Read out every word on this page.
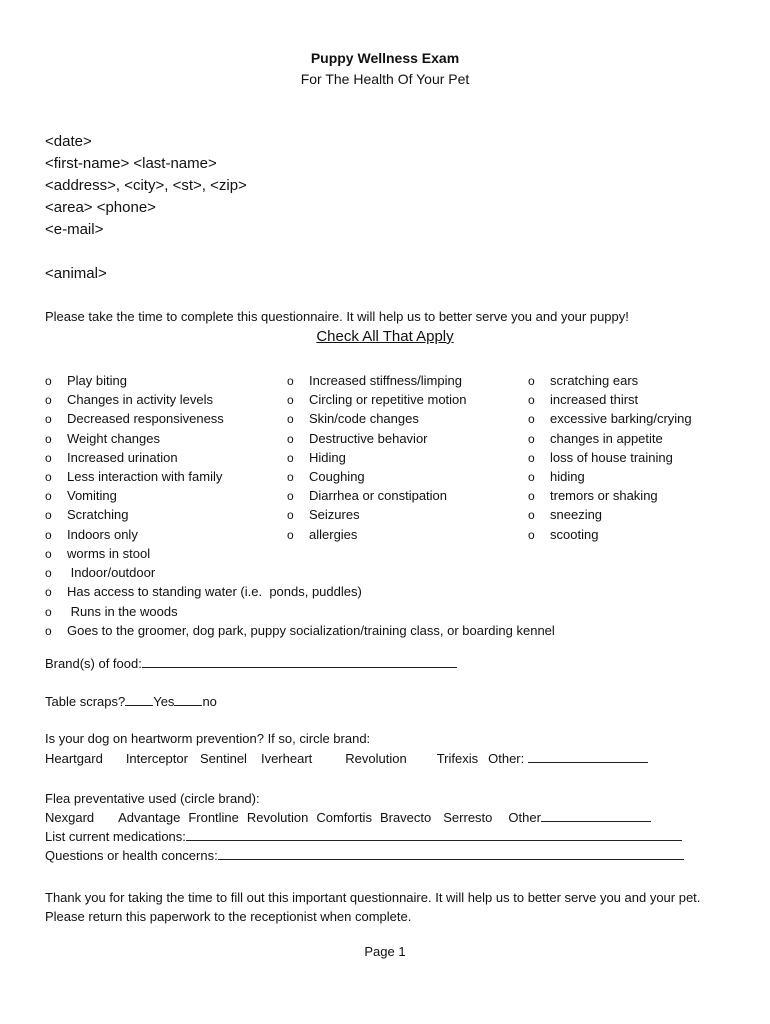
Puppy Wellness Exam
For The Health Of Your Pet
<date>
<first-name> <last-name>
<address>, <city>, <st>, <zip>
<area> <phone>
<e-mail>
<animal>
Please take the time to complete this questionnaire. It will help us to better serve you and your puppy!
Check All That Apply
o Play biting
o Changes in activity levels
o Decreased responsiveness
o Weight changes
o Increased urination
o Less interaction with family
o Vomiting
o Scratching
o Indoors only
o Increased stiffness/limping
o Circling or repetitive motion
o Skin/code changes
o Destructive behavior
o Hiding
o Coughing
o Diarrhea or constipation
o Seizures
o allergies
o scratching ears
o increased thirst
o excessive barking/crying
o changes in appetite
o loss of house training
o hiding
o tremors or shaking
o sneezing
o scooting
o worms in stool
o Indoor/outdoor
o Has access to standing water (i.e.  ponds, puddles)
o Runs in the woods
o Goes to the groomer, dog park, puppy socialization/training class, or boarding kennel
Brand(s) of food:
Table scraps? Yes no
Is your dog on heartworm prevention? If so, circle brand:
Heartgard Interceptor Sentinel Iverheart	Revolution Trifexis Other:
Flea preventative used (circle brand):
Nexgard Advantage Frontline Revolution Comfortis Bravecto Serresto Other
List current medications:
Questions or health concerns:
Thank you for taking the time to fill out this important questionnaire. It will help us to better serve you and your pet. Please return this paperwork to the receptionist when complete.
Page 1
